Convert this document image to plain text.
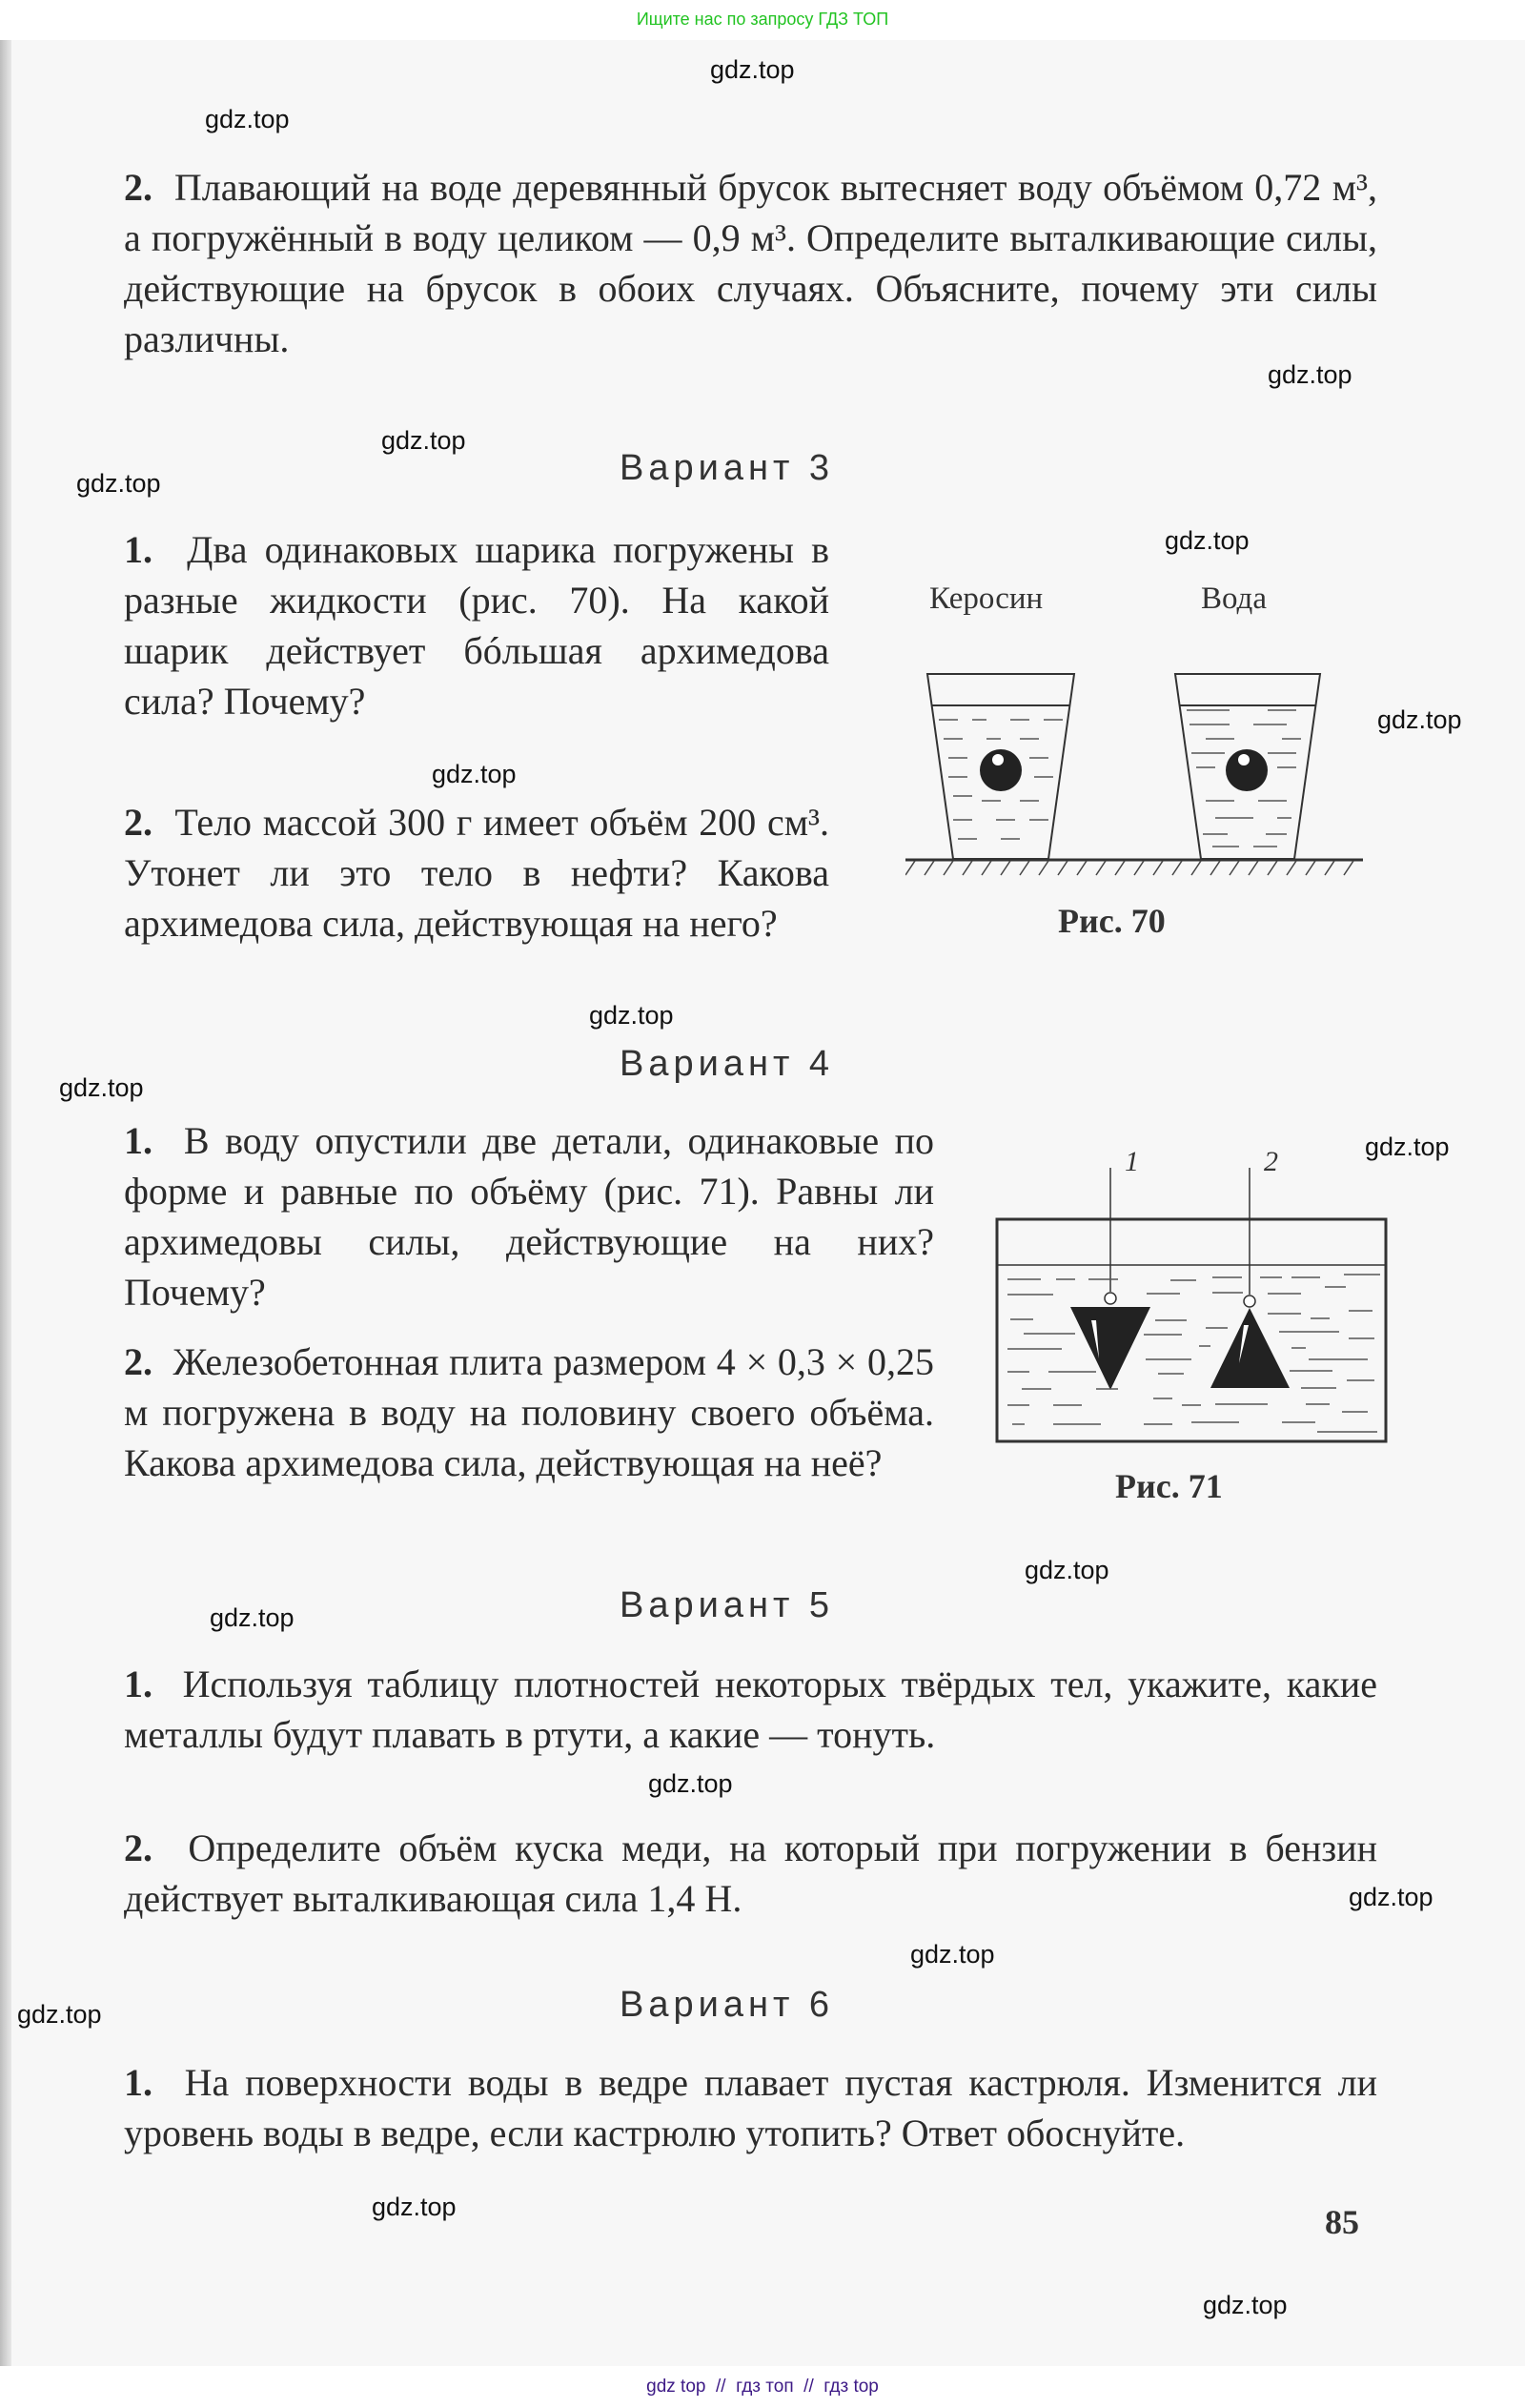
Ищите нас по запросу ГДЗ ТОП
2. Плавающий на воде деревянный брусок вытесняет воду объёмом 0,72 м³, а погружённый в воду целиком — 0,9 м³. Определите выталкивающие силы, действующие на брусок в обоих случаях. Объясните, почему эти силы различны.
Вариант 3
1. Два одинаковых шарика погружены в разные жидкости (рис. 70). На какой шарик действует бóльшая архимедова сила? Почему?
2. Тело массой 300 г имеет объём 200 см³. Утонет ли это тело в нефти? Какова архимедова сила, действующая на него?
Керосин	Вода
Рис. 70
Вариант 4
1. В воду опустили две детали, одинаковые по форме и равные по объёму (рис. 71). Равны ли архимедовы силы, действующие на них? Почему?
2. Железобетонная плита размером 4 × 0,3 × 0,25 м погружена в воду на половину своего объёма. Какова архимедова сила, действующая на неё?
1	2
Рис. 71
Вариант 5
1. Используя таблицу плотностей некоторых твёрдых тел, укажите, какие металлы будут плавать в ртути, а какие — тонуть.
2. Определите объём куска меди, на который при погружении в бензин действует выталкивающая сила 1,4 Н.
Вариант 6
1. На поверхности воды в ведре плавает пустая кастрюля. Изменится ли уровень воды в ведре, если кастрюлю утопить? Ответ обоснуйте.
85
gdz.top
gdz.top
gdz.top
gdz.top
gdz.top
gdz.top
gdz.top
gdz.top
gdz.top
gdz.top
gdz.top
gdz.top
gdz.top
gdz.top
gdz.top
gdz.top
gdz.top
gdz.top
gdz.top
gdz top  //  гдз топ  //  гдз top
